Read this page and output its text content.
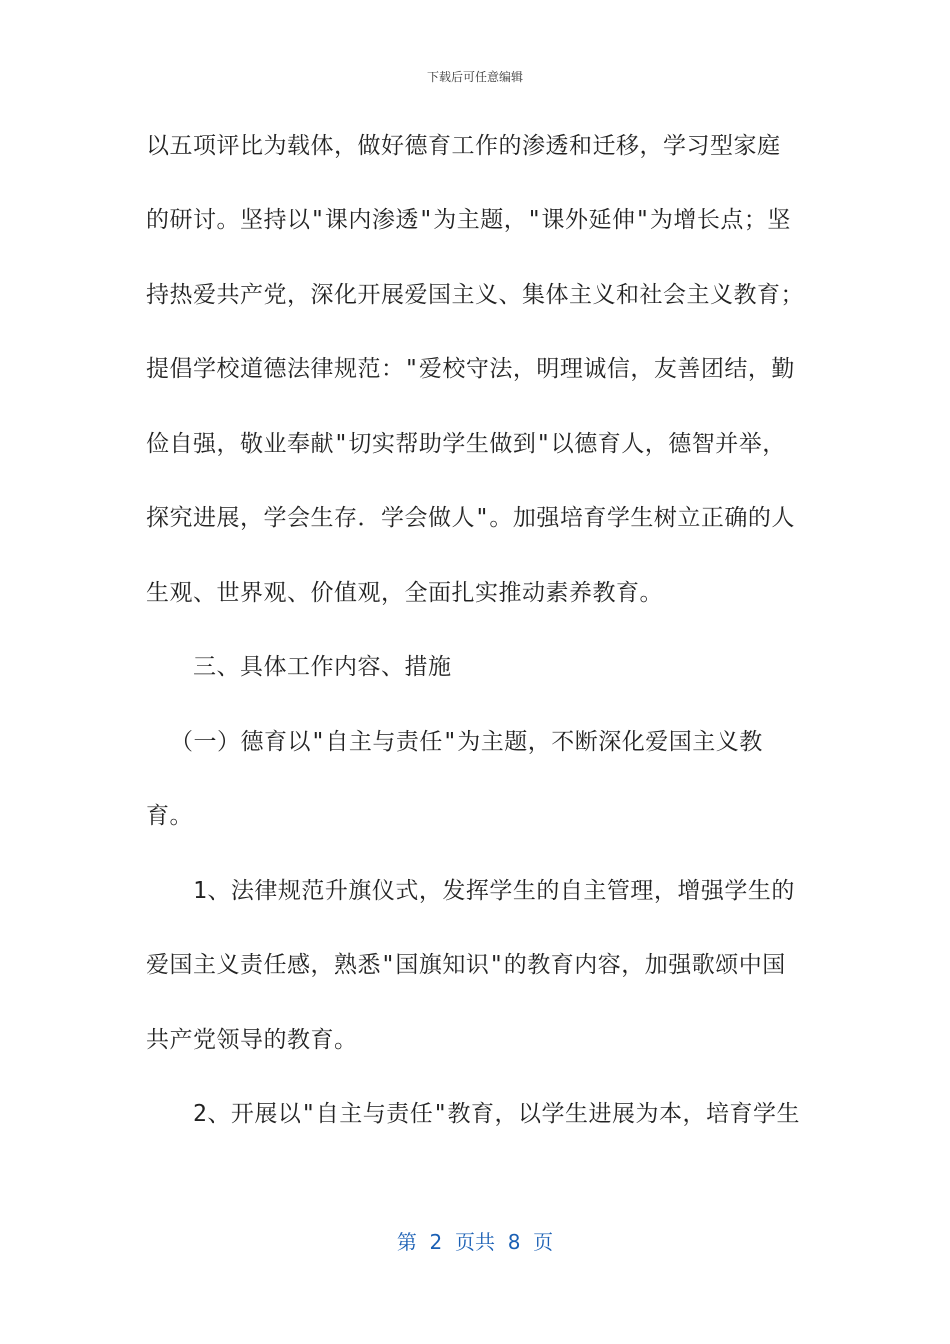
下载后可任意编辑
以五项评比为载体，做好德育工作的渗透和迁移，学习型家庭
的研讨。坚持以"课内渗透"为主题，"课外延伸"为增长点；坚
持热爱共产党，深化开展爱国主义、集体主义和社会主义教育；
提倡学校道德法律规范："爱校守法，明理诚信，友善团结，勤
俭自强，敬业奉献"切实帮助学生做到"以德育人，德智并举，
探究进展，学会生存．学会做人"。加强培育学生树立正确的人
生观、世界观、价值观，全面扎实推动素养教育。
三、具体工作内容、措施
（一）德育以"自主与责任"为主题，不断深化爱国主义教
育。
1、法律规范升旗仪式，发挥学生的自主管理，增强学生的
爱国主义责任感，熟悉"国旗知识"的教育内容，加强歌颂中国
共产党领导的教育。
2、开展以"自主与责任"教育，以学生进展为本，培育学生
第 2 页共 8 页
